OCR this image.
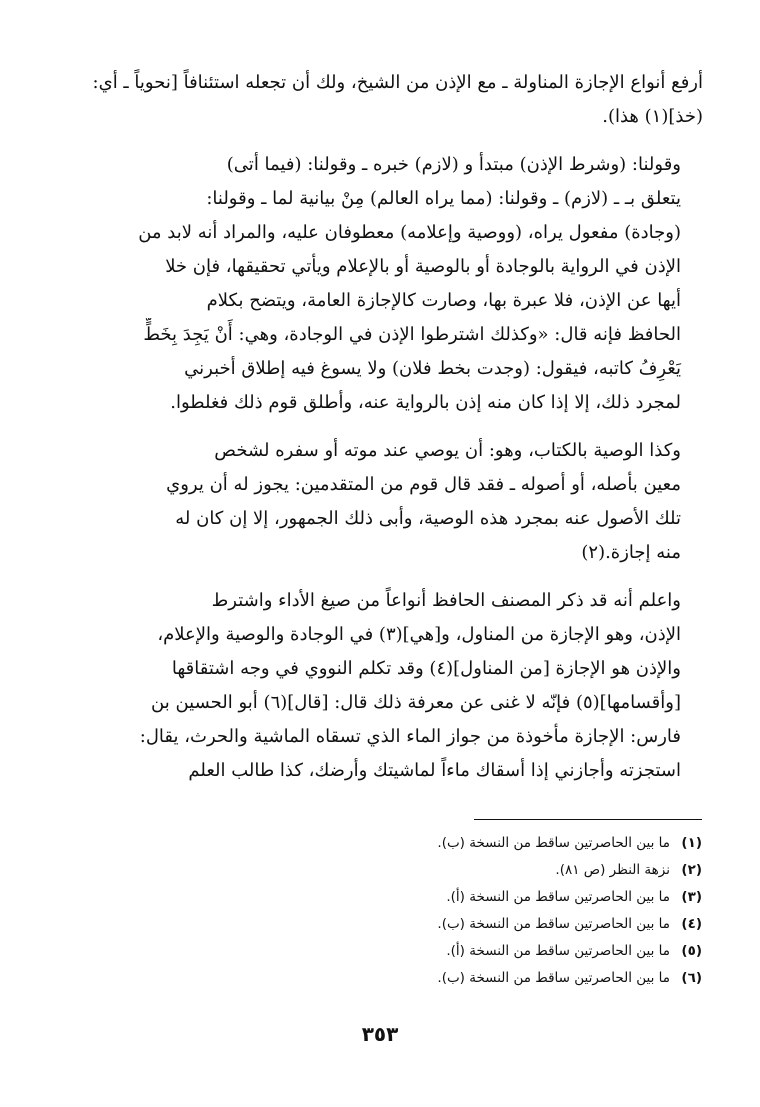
أرفع أنواع الإجازة المناولة ـ مع الإذن من الشيخ، ولك أن تجعله استئنافاً [نحوياً ـ أي:
(خذ](١) هذا).

وقولنا: (وشرط الإذن) مبتدأ و (لازم) خبره ـ وقولنا: (فيما أتى)
يتعلق بـ ـ (لازم) ـ وقولنا: (مما يراه العالم) مِنْ بيانية لما ـ وقولنا:
(وجادة) مفعول يراه، (ووصية وإعلامه) معطوفان عليه، والمراد أنه لابد من
الإذن في الرواية بالوجادة أو بالوصية أو بالإعلام ويأتي تحقيقها، فإن خلا
أيها عن الإذن، فلا عبرة بها، وصارت كالإجازة العامة، ويتضح بكلام
الحافظ فإنه قال: «وكذلك اشترطوا الإذن في الوجادة، وهي: أَنْ يَجِدَ بِخَطٍّ
يَعْرِفُ كاتبه، فيقول: (وجدت بخط فلان) ولا يسوغ فيه إطلاق أخبرني
لمجرد ذلك، إلا إذا كان منه إذن بالرواية عنه، وأطلق قوم ذلك فغلطوا.

وكذا الوصية بالكتاب، وهو: أن يوصي عند موته أو سفره لشخص
معين بأصله، أو أصوله ـ فقد قال قوم من المتقدمين: يجوز له أن يروي
تلك الأصول عنه بمجرد هذه الوصية، وأبى ذلك الجمهور، إلا إن كان له
منه إجازة.(٢)

واعلم أنه قد ذكر المصنف الحافظ أنواعاً من صيغ الأداء واشترط
الإذن، وهو الإجازة من المناول، و[هي](٣) في الوجادة والوصية والإعلام،
والإذن هو الإجازة [من المناول](٤) وقد تكلم النووي في وجه اشتقاقها
[وأقسامها](٥) فإنّه لا غنى عن معرفة ذلك قال: [قال](٦) أبو الحسين بن
فارس: الإجازة مأخوذة من جواز الماء الذي تسقاه الماشية والحرث، يقال:
استجزته وأجازني إذا أسقاك ماءاً لماشيتك وأرضك، كذا طالب العلم

(١)
ما بين الحاصرتين ساقط من النسخة (ب).
(٢)
نزهة النظر (ص ٨١).
(٣)
ما بين الحاصرتين ساقط من النسخة (أ).
(٤)
ما بين الحاصرتين ساقط من النسخة (ب).
(٥)
ما بين الحاصرتين ساقط من النسخة (أ).
(٦)
ما بين الحاصرتين ساقط من النسخة (ب).
٣٥٣
